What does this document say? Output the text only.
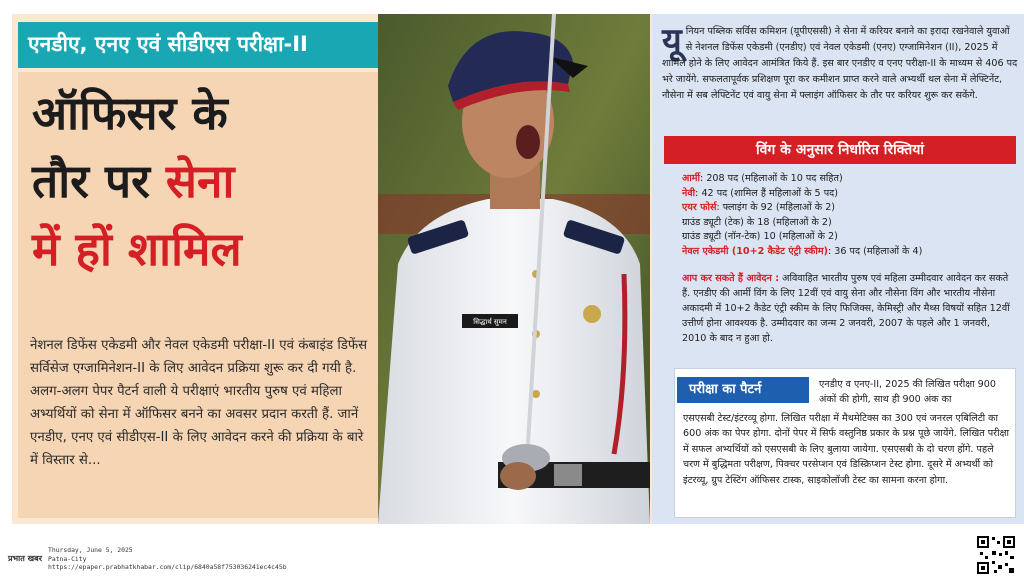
एनडीए, एनए एवं सीडीएस परीक्षा-II
ऑफिसर के
तौर पर सेना
में हों शामिल

नेशनल डिफेंस एकेडमी और नेवल एकेडमी परीक्षा-II एवं कंबाइंड डिफेंस सर्विसेज एग्जामिनेशन-II के लिए आवेदन प्रक्रिया शुरू कर दी गयी है. अलग-अलग पेपर पैटर्न वाली ये परीक्षाएं भारतीय पुरुष एवं महिला अभ्यर्थियों को सेना में ऑफिसर बनने का अवसर प्रदान करती हैं. जानें एनडीए, एनए एवं सीडीएस-II के लिए आवेदन करने की प्रक्रिया के बारे में विस्तार से...

सिद्धार्थ सुमन

यूनियन पब्लिक सर्विस कमिशन (यूपीएससी) ने सेना में करियर बनाने का इरादा रखनेवाले युवाओं से नेशनल डिफेंस एकेडमी (एनडीए) एवं नेवल एकेडमी (एनए) एग्जामिनेशन (II), 2025 में शामिल होने के लिए आवेदन आमंत्रित किये हैं. इस बार एनडीए व एनए परीक्षा-II के माध्यम से 406 पद भरे जायेंगे. सफलतापूर्वक प्रशिक्षण पूरा कर कमीशन प्राप्त करने वाले अभ्यर्थी थल सेना में लेफ्टिनेंट, नौसेना में सब लेफ्टिनेंट एवं वायु सेना में फ्लाइंग ऑफिसर के तौर पर करियर शुरू कर सकेंगे.

विंग के अनुसार निर्धारित रिक्तियां
आर्मी: 208 पद (महिलाओं के 10 पद सहित)
नेवी: 42 पद (शामिल हैं महिलाओं के 5 पद)
एयर फोर्स: फ्लाइंग के 92 (महिलाओं के 2)
ग्राउंड ड्यूटी (टेक) के 18 (महिलाओं के 2)
ग्राउंड ड्यूटी (नॉन-टेक) 10 (महिलाओं के 2)
नेवल एकेडमी (10+2 कैडेट एंट्री स्कीम): 36 पद (महिलाओं के 4)

आप कर सकते हैं आवेदन : अविवाहित भारतीय पुरुष एवं महिला उम्मीदवार आवेदन कर सकते हैं. एनडीए की आर्मी विंग के लिए 12वीं एवं वायु सेना और नौसेना विंग और भारतीय नौसेना अकादमी में 10+2 कैडेट एंट्री स्कीम के लिए फिजिक्स, केमिस्ट्री और मैथ्स विषयों सहित 12वीं उत्तीर्ण होना आवश्यक है. उम्मीदवार का जन्म 2 जनवरी, 2007 के पहले और 1 जनवरी, 2010 के बाद न हुआ हो.

परीक्षा का पैटर्न	एनडीए व एनए-II, 2025 की लिखित परीक्षा 900 अंकों की होगी, साथ ही 900 अंक का

एसएसबी टेस्ट/इंटरव्यू होगा. लिखित परीक्षा में मैथमेटिक्स का 300 एवं जनरल एबिलिटी का 600 अंक का पेपर होगा. दोनों पेपर में सिर्फ वस्तुनिष्ठ प्रकार के प्रश्न पूछे जायेंगे. लिखित परीक्षा में सफल अभ्यर्थियों को एसएसबी के लिए बुलाया जायेगा. एसएसबी के दो चरण होंगे. पहले चरण में बुद्धिमता परीक्षण, पिक्चर परसेप्शन एवं डिस्क्रिप्शन टेस्ट होगा. दूसरे में अभ्यर्थी को इंटरव्यू, ग्रुप टेस्टिंग ऑफिसर टास्क, साइकोलॉजी टेस्ट का सामना करना होगा.

प्रभात खबर
Thursday, June 5, 2025
Patna-City
https://epaper.prabhatkhabar.com/clip/6840a58f753036241ec4c45b
